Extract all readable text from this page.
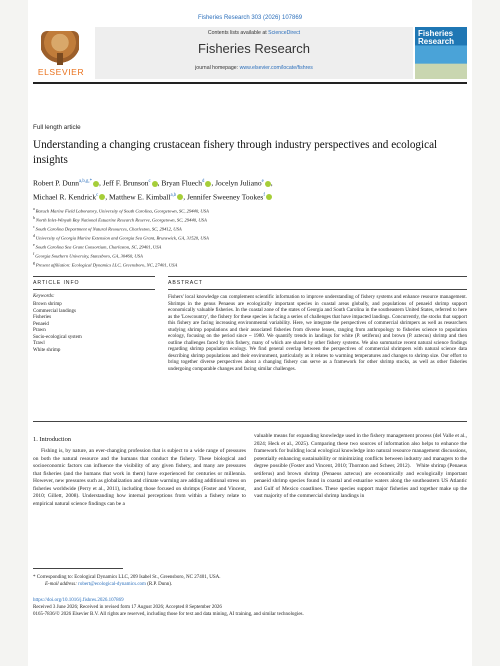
Fisheries Research 303 (2026) 107869
ELSEVIER
Contents lists available at ScienceDirect
Fisheries Research
journal homepage: www.elsevier.com/locate/fishres
Fisheries Research
Full length article
Understanding a changing crustacean fishery through industry perspectives and ecological insights
Robert P. Dunn$^{a,b,g,*}$ , Jeff F. Brunson$^c$ , Bryan Fluech$^d$ , Jocelyn Juliano$^e$ ,
Michael R. Kendrick$^c$ , Matthew E. Kimball$^{a,b}$ , Jennifer Sweeney Tookes$^f$
$^a$ Baruch Marine Field Laboratory, University of South Carolina, Georgetown, SC, 29440, USA
$^b$ North Inlet-Winyah Bay National Estuarine Research Reserve, Georgetown, SC, 29440, USA
$^c$ South Carolina Department of Natural Resources, Charleston, SC, 29412, USA
$^d$ University of Georgia Marine Extension and Georgia Sea Grant, Brunswick, GA, 31520, USA
$^e$ South Carolina Sea Grant Consortium, Charleston, SC, 29401, USA
$^f$ Georgia Southern University, Statesboro, GA, 30460, USA
$^g$ Present affiliation: Ecological Dynamics LLC, Greensboro, NC, 27401, USA
ARTICLE INFO	ABSTRACT
Keywords:
Brown shrimp
Commercial landings
Fisheries
Penaeid
Prawn
Socio-ecological system
Trawl
White shrimp
Fishers' local knowledge can complement scientific information to improve understanding of fishery systems and enhance resource management. Shrimps in the genus Penaeus are ecologically important species in coastal areas globally, and populations of penaeid shrimp support economically valuable fisheries. In the coastal zone of the states of Georgia and South Carolina in the southeastern United States, referred to here as the 'Lowcountry', the fishery for these species is facing a series of challenges that have impacted landings. Concurrently, the stocks that support this fishery are facing increasing environmental variability. Here, we integrate the perspectives of commercial shrimpers as well as researchers studying shrimp populations and their associated fisheries from diverse lenses, ranging from anthropology to fisheries science to population ecology, focusing on the period since ~ 1980. We quantify trends in landings for white (P. setiferus) and brown (P. aztecus) shrimp and then outline challenges faced by this fishery, many of which are shared by other fishery systems. We also summarize recent natural science findings regarding shrimp population ecology. We find general overlap between the perspectives of commercial shrimpers with natural science data describing shrimp populations and their environment, particularly as it relates to warming temperatures and changes to shrimp size. Our effort to bring together diverse perspectives about a changing fishery can serve as a framework for other shrimp stocks, as well as other fisheries undergoing comparable changes and facing similar challenges.
1. Introduction
Fishing is, by nature, an ever-changing profession that is subject to a wide range of pressures on both the natural resource and the humans that conduct the fishery. These biological and socioeconomic factors can influence the visibility of any given fishery, and many are pressures that fisheries (and the humans that work in them) have experienced for centuries or millennia. However, new pressures such as globalization and climate warming are adding additional stress on fisheries worldwide (Perry et al., 2011), including those focused on shrimps (Foster and Vincent, 2010; Gillett, 2008). Understanding how internal perceptions from within a fishery relate to empirical natural science findings can be a
valuable means for expanding knowledge used in the fishery management process (del Valle et al., 2024; Heck et al., 2025). Comparing these two sources of information also helps to enhance the framework for building local ecological knowledge into natural resource management discussions, potentially enhancing sustainability or minimizing conflicts between industry and managers to the degree possible (Foster and Vincent, 2010; Thornton and Scheer, 2012). White shrimp (Penaeus setiferus) and brown shrimp (Penaeus aztecus) are economically and ecologically important penaeid shrimp species found in coastal and estuarine waters along the southeastern US Atlantic and Gulf of Mexico coastlines. These species support major fisheries and together make up the vast majority of the commercial shrimp landings in
* Corresponding to: Ecological Dynamics LLC, 209 Isabel St., Greensboro, NC 27401, USA.
E-mail address: robert@ecological-dynamics.com (R.P. Dunn).
https://doi.org/10.1016/j.fishres.2026.107869
Received 3 June 2026; Received in revised form 17 August 2026; Accepted 8 September 2026
0165-7836/© 2026 Elsevier B.V. All rights are reserved, including those for text and data mining, AI training, and similar technologies.
